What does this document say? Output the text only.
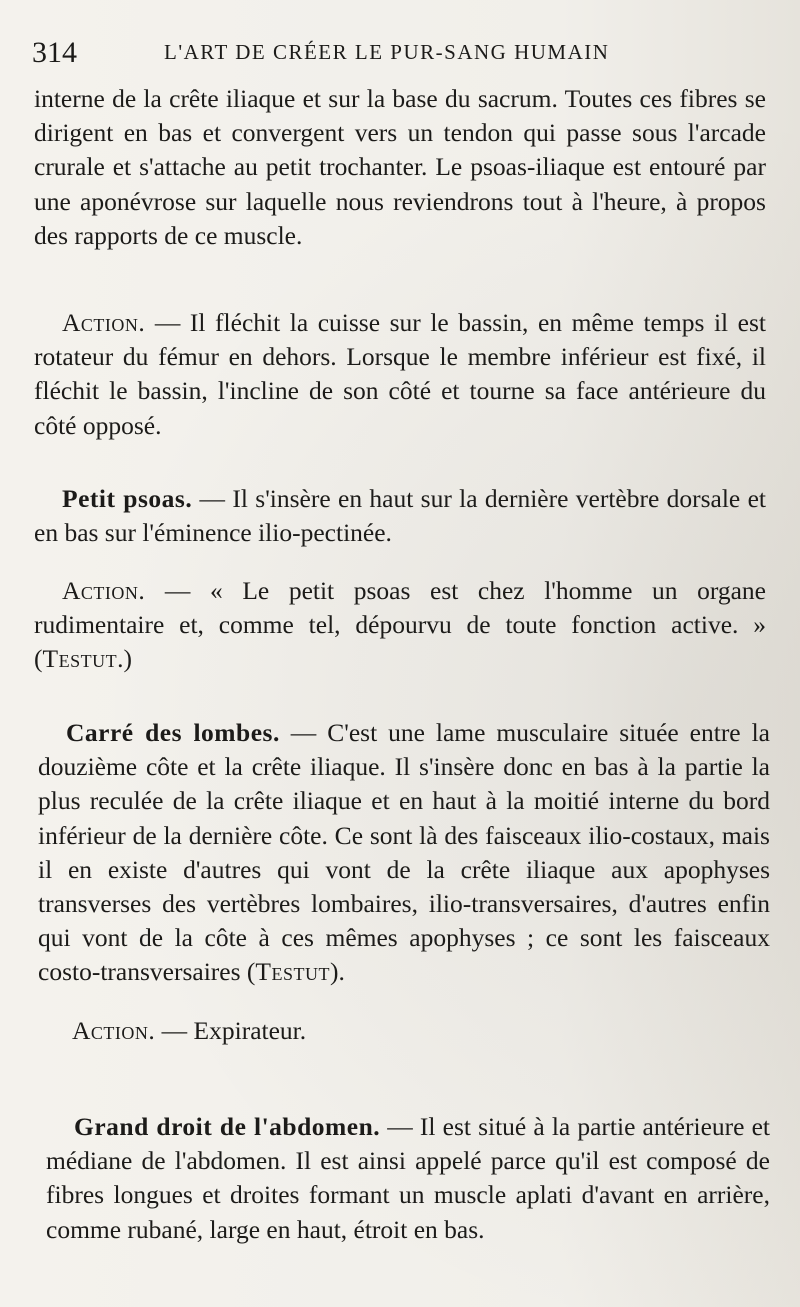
314	L'ART DE CRÉER LE PUR-SANG HUMAIN

interne de la crête iliaque et sur la base du sacrum. Toutes ces fibres se dirigent en bas et convergent vers un tendon qui passe sous l'arcade crurale et s'attache au petit trochanter. Le psoas-iliaque est entouré par une aponévrose sur laquelle nous reviendrons tout à l'heure, à propos des rapports de ce muscle.

Action. — Il fléchit la cuisse sur le bassin, en même temps il est rotateur du fémur en dehors. Lorsque le membre inférieur est fixé, il fléchit le bassin, l'incline de son côté et tourne sa face antérieure du côté opposé.

Petit psoas. — Il s'insère en haut sur la dernière vertèbre dorsale et en bas sur l'éminence ilio-pectinée.

Action. — « Le petit psoas est chez l'homme un organe rudimentaire et, comme tel, dépourvu de toute fonction active. » (Testut.)

Carré des lombes. — C'est une lame musculaire située entre la douzième côte et la crête iliaque. Il s'insère donc en bas à la partie la plus reculée de la crête iliaque et en haut à la moitié interne du bord inférieur de la dernière côte. Ce sont là des faisceaux ilio-costaux, mais il en existe d'autres qui vont de la crête iliaque aux apophyses transverses des vertèbres lombaires, ilio-transversaires, d'autres enfin qui vont de la côte à ces mêmes apophyses ; ce sont les faisceaux costo-transversaires (Testut).

Action. — Expirateur.

Grand droit de l'abdomen. — Il est situé à la partie antérieure et médiane de l'abdomen. Il est ainsi appelé parce qu'il est composé de fibres longues et droites formant un muscle aplati d'avant en arrière, comme rubané, large en haut, étroit en bas.
